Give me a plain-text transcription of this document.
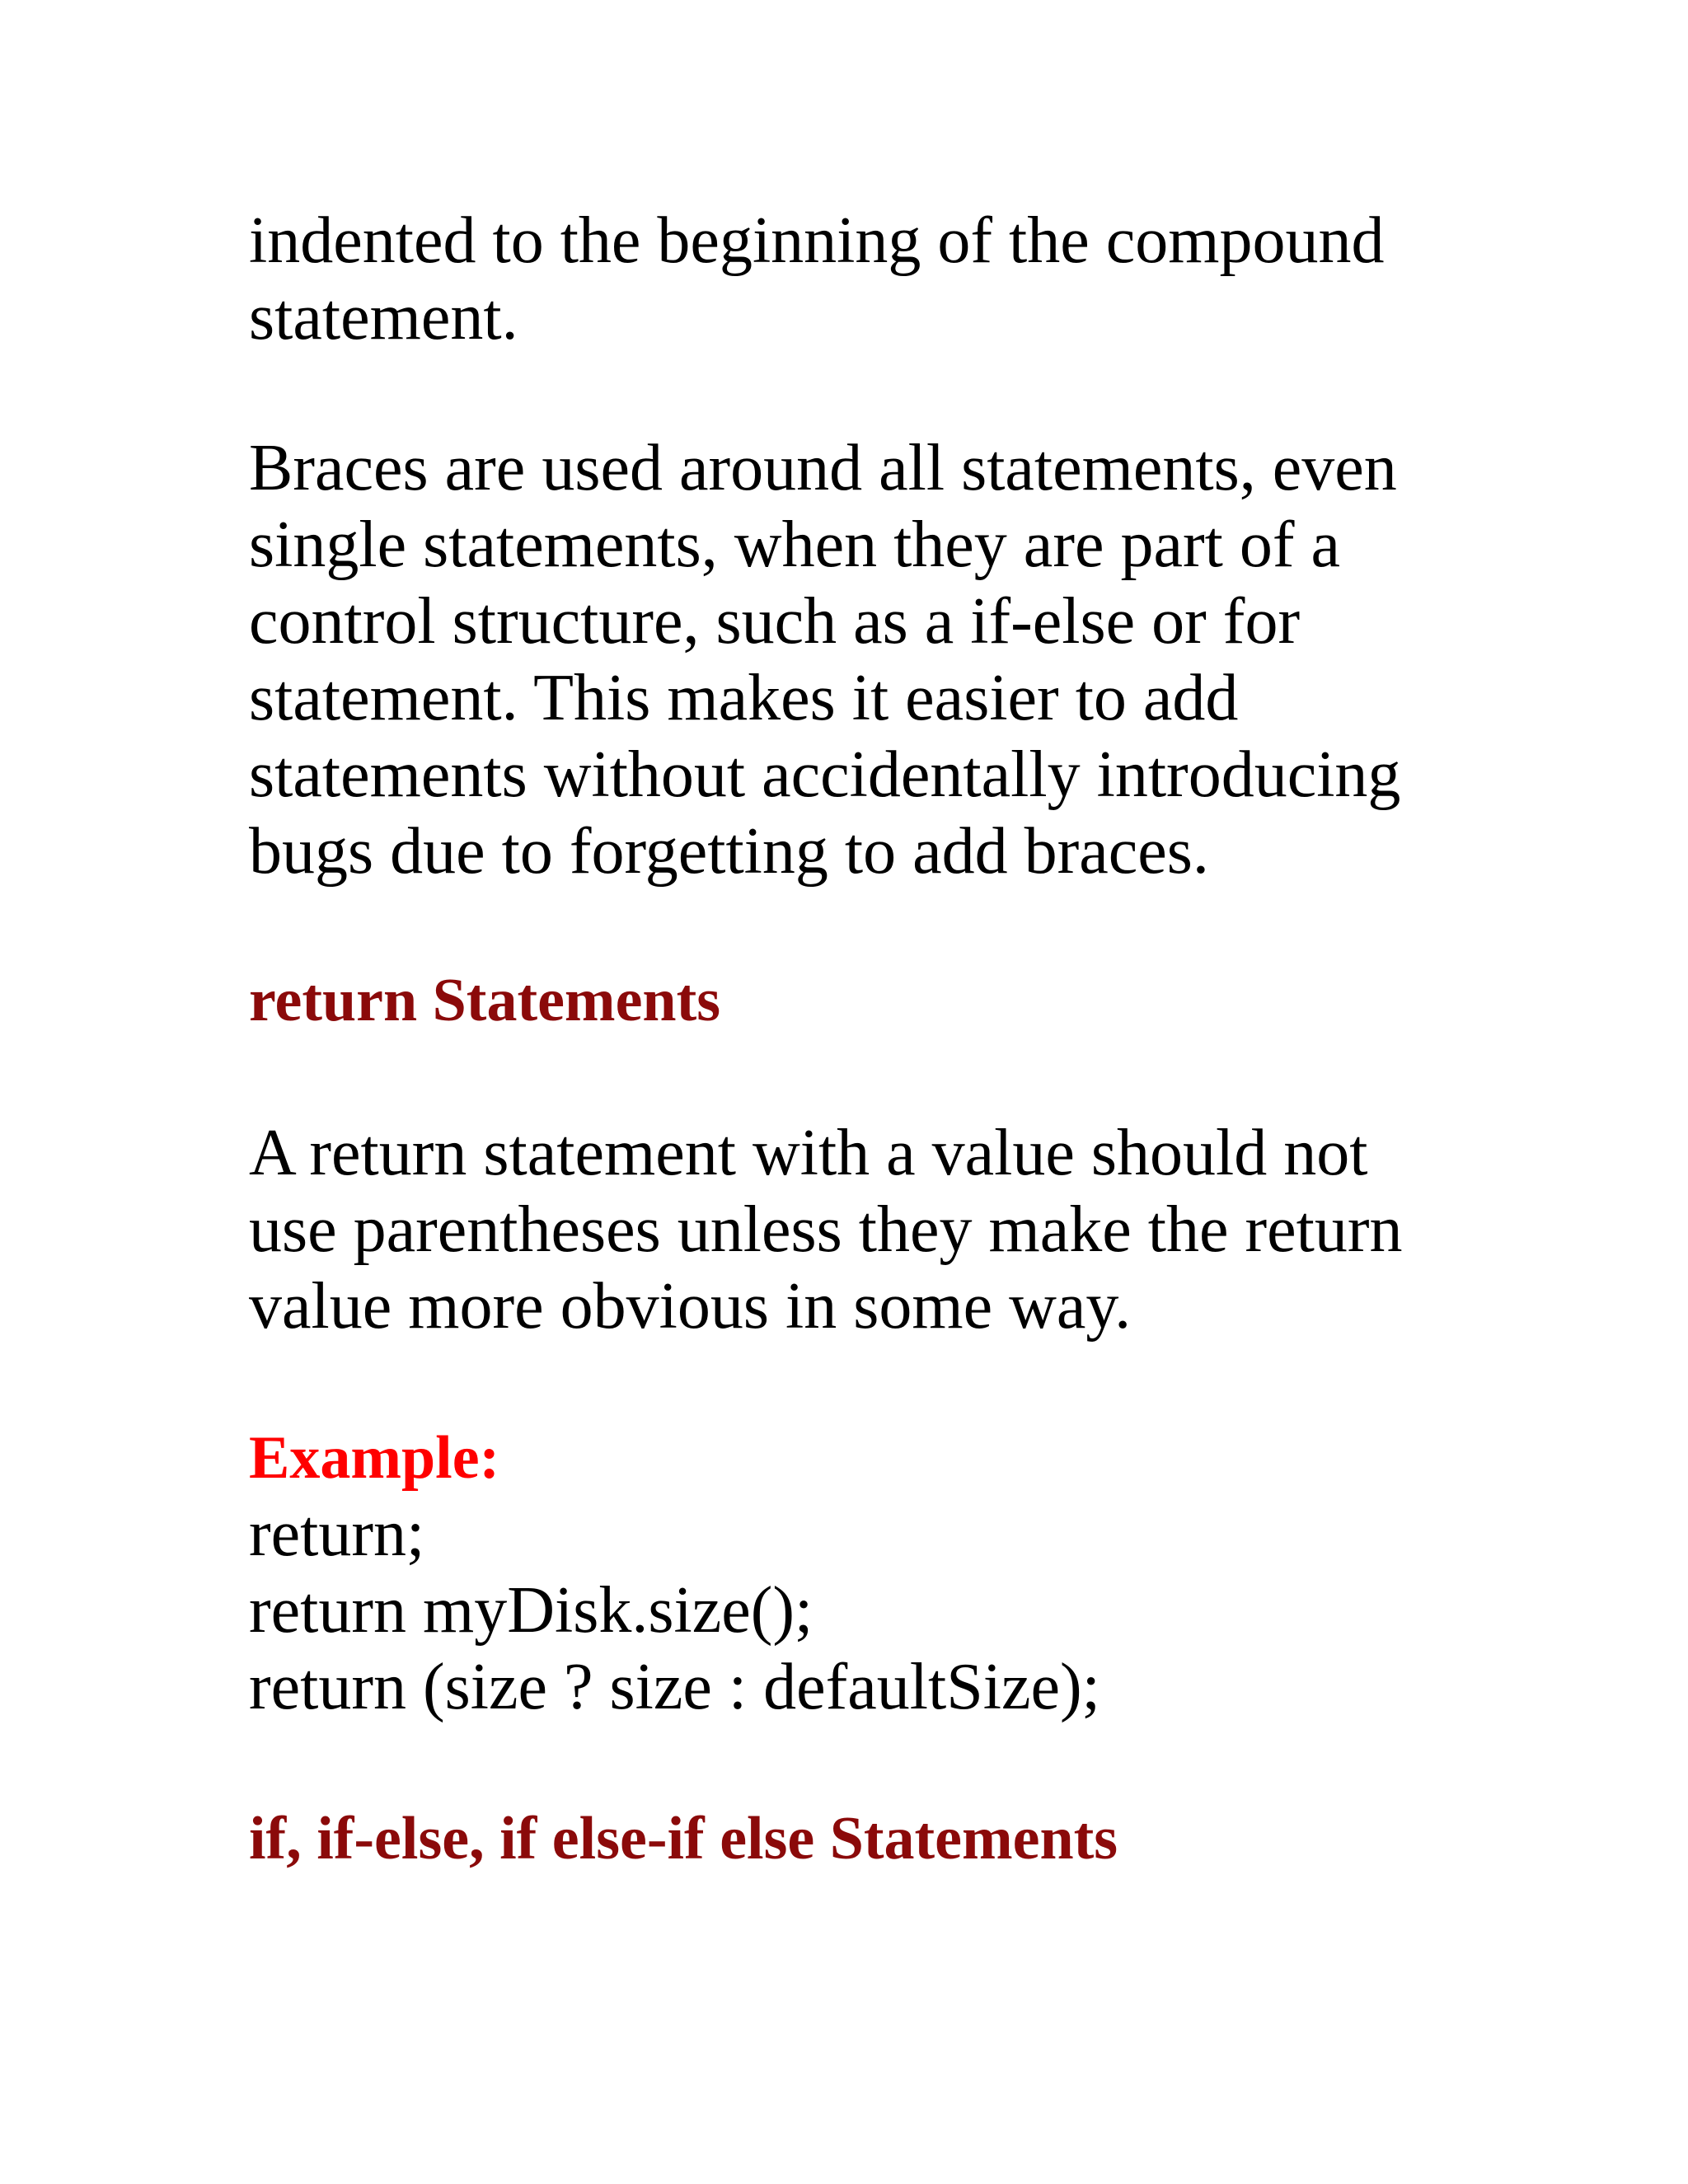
indented to the beginning of the compound
statement.

Braces are used around all statements, even
single statements, when they are part of a
control structure, such as a if-else or for
statement. This makes it easier to add
statements without accidentally introducing
bugs due to forgetting to add braces.

return Statements

A return statement with a value should not
use parentheses unless they make the return
value more obvious in some way.

Example:

return;
return myDisk.size();
return (size ? size : defaultSize);

if, if-else, if else-if else Statements
